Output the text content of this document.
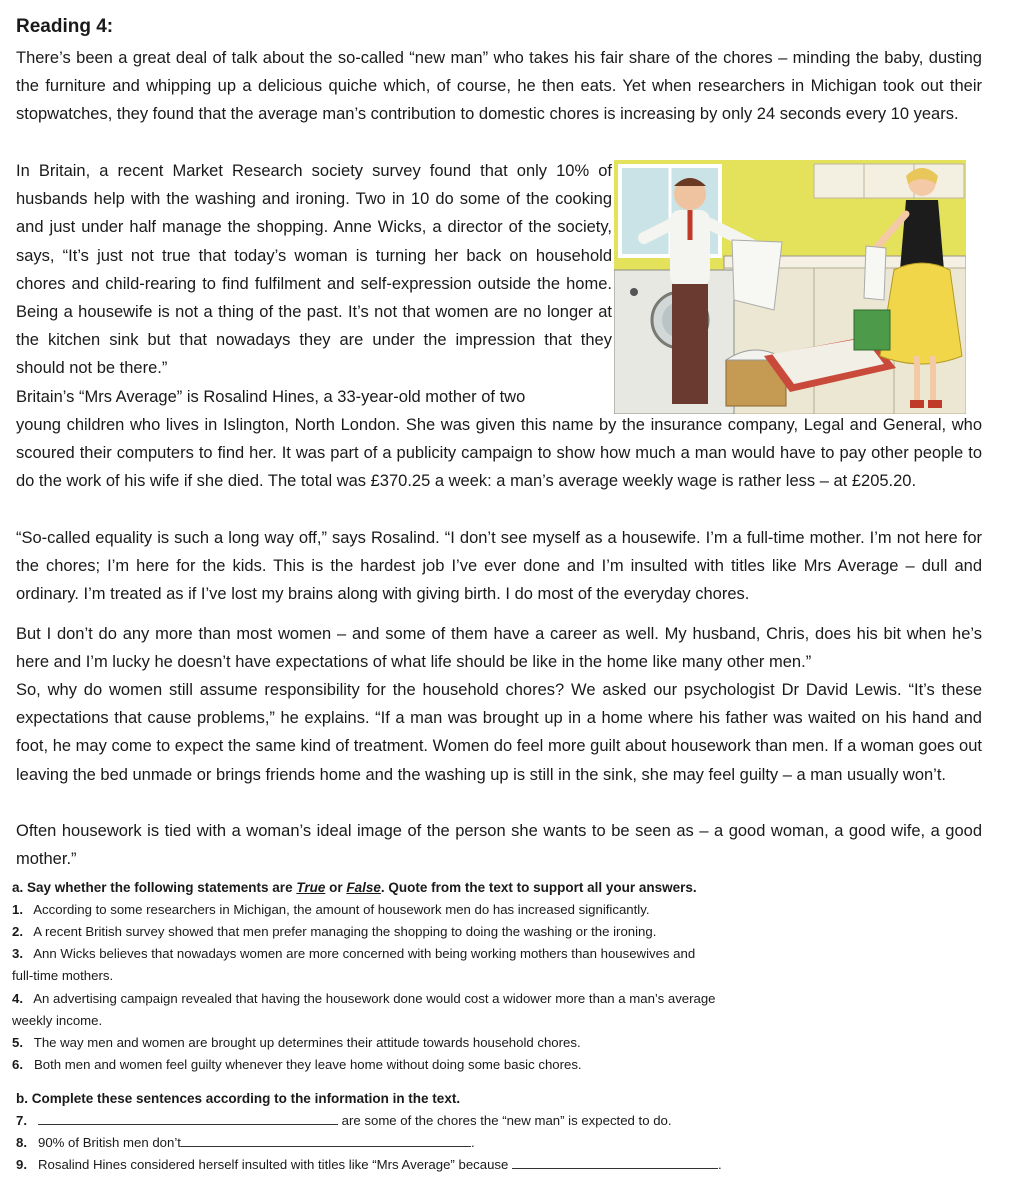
Reading 4:
There’s been a great deal of talk about the so-called “new man” who takes his fair share of the chores – minding the baby, dusting the furniture and whipping up a delicious quiche which, of course, he then eats. Yet when researchers in Michigan took out their stopwatches, they found that the average man’s contribution to domestic chores is increasing by only 24 seconds every 10 years.
In Britain, a recent Market Research society survey found that only 10% of husbands help with the washing and ironing. Two in 10 do some of the cooking and just under half manage the shopping. Anne Wicks, a director of the society, says, “It’s just not true that today’s woman is turning her back on household chores and child-rearing to find fulfilment and self-expression outside the home. Being a housewife is not a thing of the past. It’s not that women are no longer at the kitchen sink but that nowadays they are under the impression that they should not be there.”
Britain’s “Mrs Average” is Rosalind Hines, a 33-year-old mother of two
young children who lives in Islington, North London. She was given this name by the insurance company, Legal and General, who scoured their computers to find her. It was part of a publicity campaign to show how much a man would have to pay other people to do the work of his wife if she died. The total was £370.25 a week: a man’s average weekly wage is rather less – at £205.20.
“So-called equality is such a long way off,” says Rosalind. “I don’t see myself as a housewife. I’m a full-time mother. I’m not here for the chores; I’m here for the kids. This is the hardest job I’ve ever done and I’m insulted with titles like Mrs Average – dull and ordinary. I’m treated as if I’ve lost my brains along with giving birth. I do most of the everyday chores.
But I don’t do any more than most women – and some of them have a career as well. My husband, Chris, does his bit when he’s here and I’m lucky he doesn’t have expectations of what life should be like in the home like many other men.”
So, why do women still assume responsibility for the household chores? We asked our psychologist Dr David Lewis. “It’s these expectations that cause problems,” he explains. “If a man was brought up in a home where his father was waited on his hand and foot, he may come to expect the same kind of treatment. Women do feel more guilt about housework than men. If a woman goes out leaving the bed unmade or brings friends home and the washing up is still in the sink, she may feel guilty – a man usually won’t.
Often housework is tied with a woman’s ideal image of the person she wants to be seen as – a good woman, a good wife, a good mother.”
a. Say whether the following statements are True or False. Quote from the text to support all your answers.
1. According to some researchers in Michigan, the amount of housework men do has increased significantly.
2. A recent British survey showed that men prefer managing the shopping to doing the washing or the ironing.
3. Ann Wicks believes that nowadays women are more concerned with being working mothers than housewives and
full-time mothers.
4. An advertising campaign revealed that having the housework done would cost a widower more than a man’s average
weekly income.
5. The way men and women are brought up determines their attitude towards household chores.
6. Both men and women feel guilty whenever they leave home without doing some basic chores.
b. Complete these sentences according to the information in the text.
7.	are some of the chores the “new man” is expected to do.
8. 90% of British men don’t	.
9. Rosalind Hines considered herself insulted with titles like “Mrs Average” because	.
